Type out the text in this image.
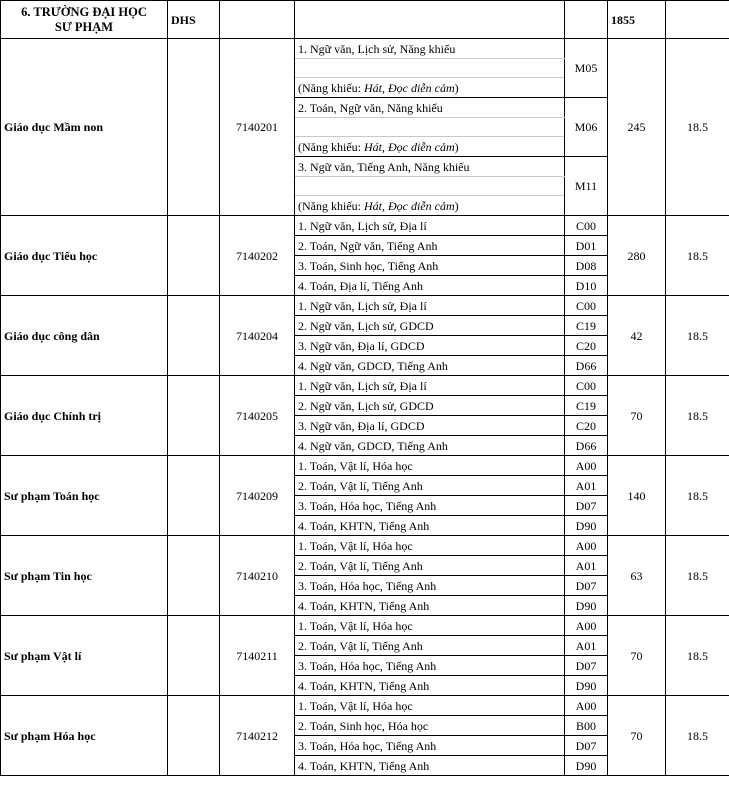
6. TRƯỜNG ĐẠI HỌC
SƯ PHẠM	DHS				1855	
Giáo dục Mầm non		7140201	1. Ngữ văn, Lịch sử, Năng khiếu	M05	245	18.5

			(Năng khiếu: Hát, Đọc diễn cảm)			
			2. Toán, Ngữ văn, Năng khiếu	M06		

			(Năng khiếu: Hát, Đọc diễn cảm)			
			3. Ngữ văn, Tiếng Anh, Năng khiếu	M11		

			(Năng khiếu: Hát, Đọc diễn cảm)			
Giáo dục Tiểu học		7140202	1. Ngữ văn, Lịch sử, Địa lí	C00	280	18.5
			2. Toán, Ngữ văn, Tiếng Anh	D01		
			3. Toán, Sinh học, Tiếng Anh	D08		
			4. Toán, Địa lí, Tiếng Anh	D10		
Giáo dục công dân		7140204	1. Ngữ văn, Lịch sử, Địa lí	C00	42	18.5
			2. Ngữ văn, Lịch sử, GDCD	C19		
			3. Ngữ văn, Địa lí, GDCD	C20		
			4. Ngữ văn, GDCD, Tiếng Anh	D66		
Giáo dục Chính trị		7140205	1. Ngữ văn, Lịch sử, Địa lí	C00	70	18.5
			2. Ngữ văn, Lịch sử, GDCD	C19		
			3. Ngữ văn, Địa lí, GDCD	C20		
			4. Ngữ văn, GDCD, Tiếng Anh	D66		
Sư phạm Toán học		7140209	1. Toán, Vật lí, Hóa học	A00	140	18.5
			2. Toán, Vật lí, Tiếng Anh	A01		
			3. Toán, Hóa học, Tiếng Anh	D07		
			4. Toán, KHTN, Tiếng Anh	D90		
Sư phạm Tin học		7140210	1. Toán, Vật lí, Hóa học	A00	63	18.5
			2. Toán, Vật lí, Tiếng Anh	A01		
			3. Toán, Hóa học, Tiếng Anh	D07		
			4. Toán, KHTN, Tiếng Anh	D90		
Sư phạm Vật lí		7140211	1. Toán, Vật lí, Hóa học	A00	70	18.5
			2. Toán, Vật lí, Tiếng Anh	A01		
			3. Toán, Hóa học, Tiếng Anh	D07		
			4. Toán, KHTN, Tiếng Anh	D90		
Sư phạm Hóa học		7140212	1. Toán, Vật lí, Hóa học	A00	70	18.5
			2. Toán, Sinh học, Hóa học	B00		
			3. Toán, Hóa học, Tiếng Anh	D07		
			4. Toán, KHTN, Tiếng Anh	D90		
